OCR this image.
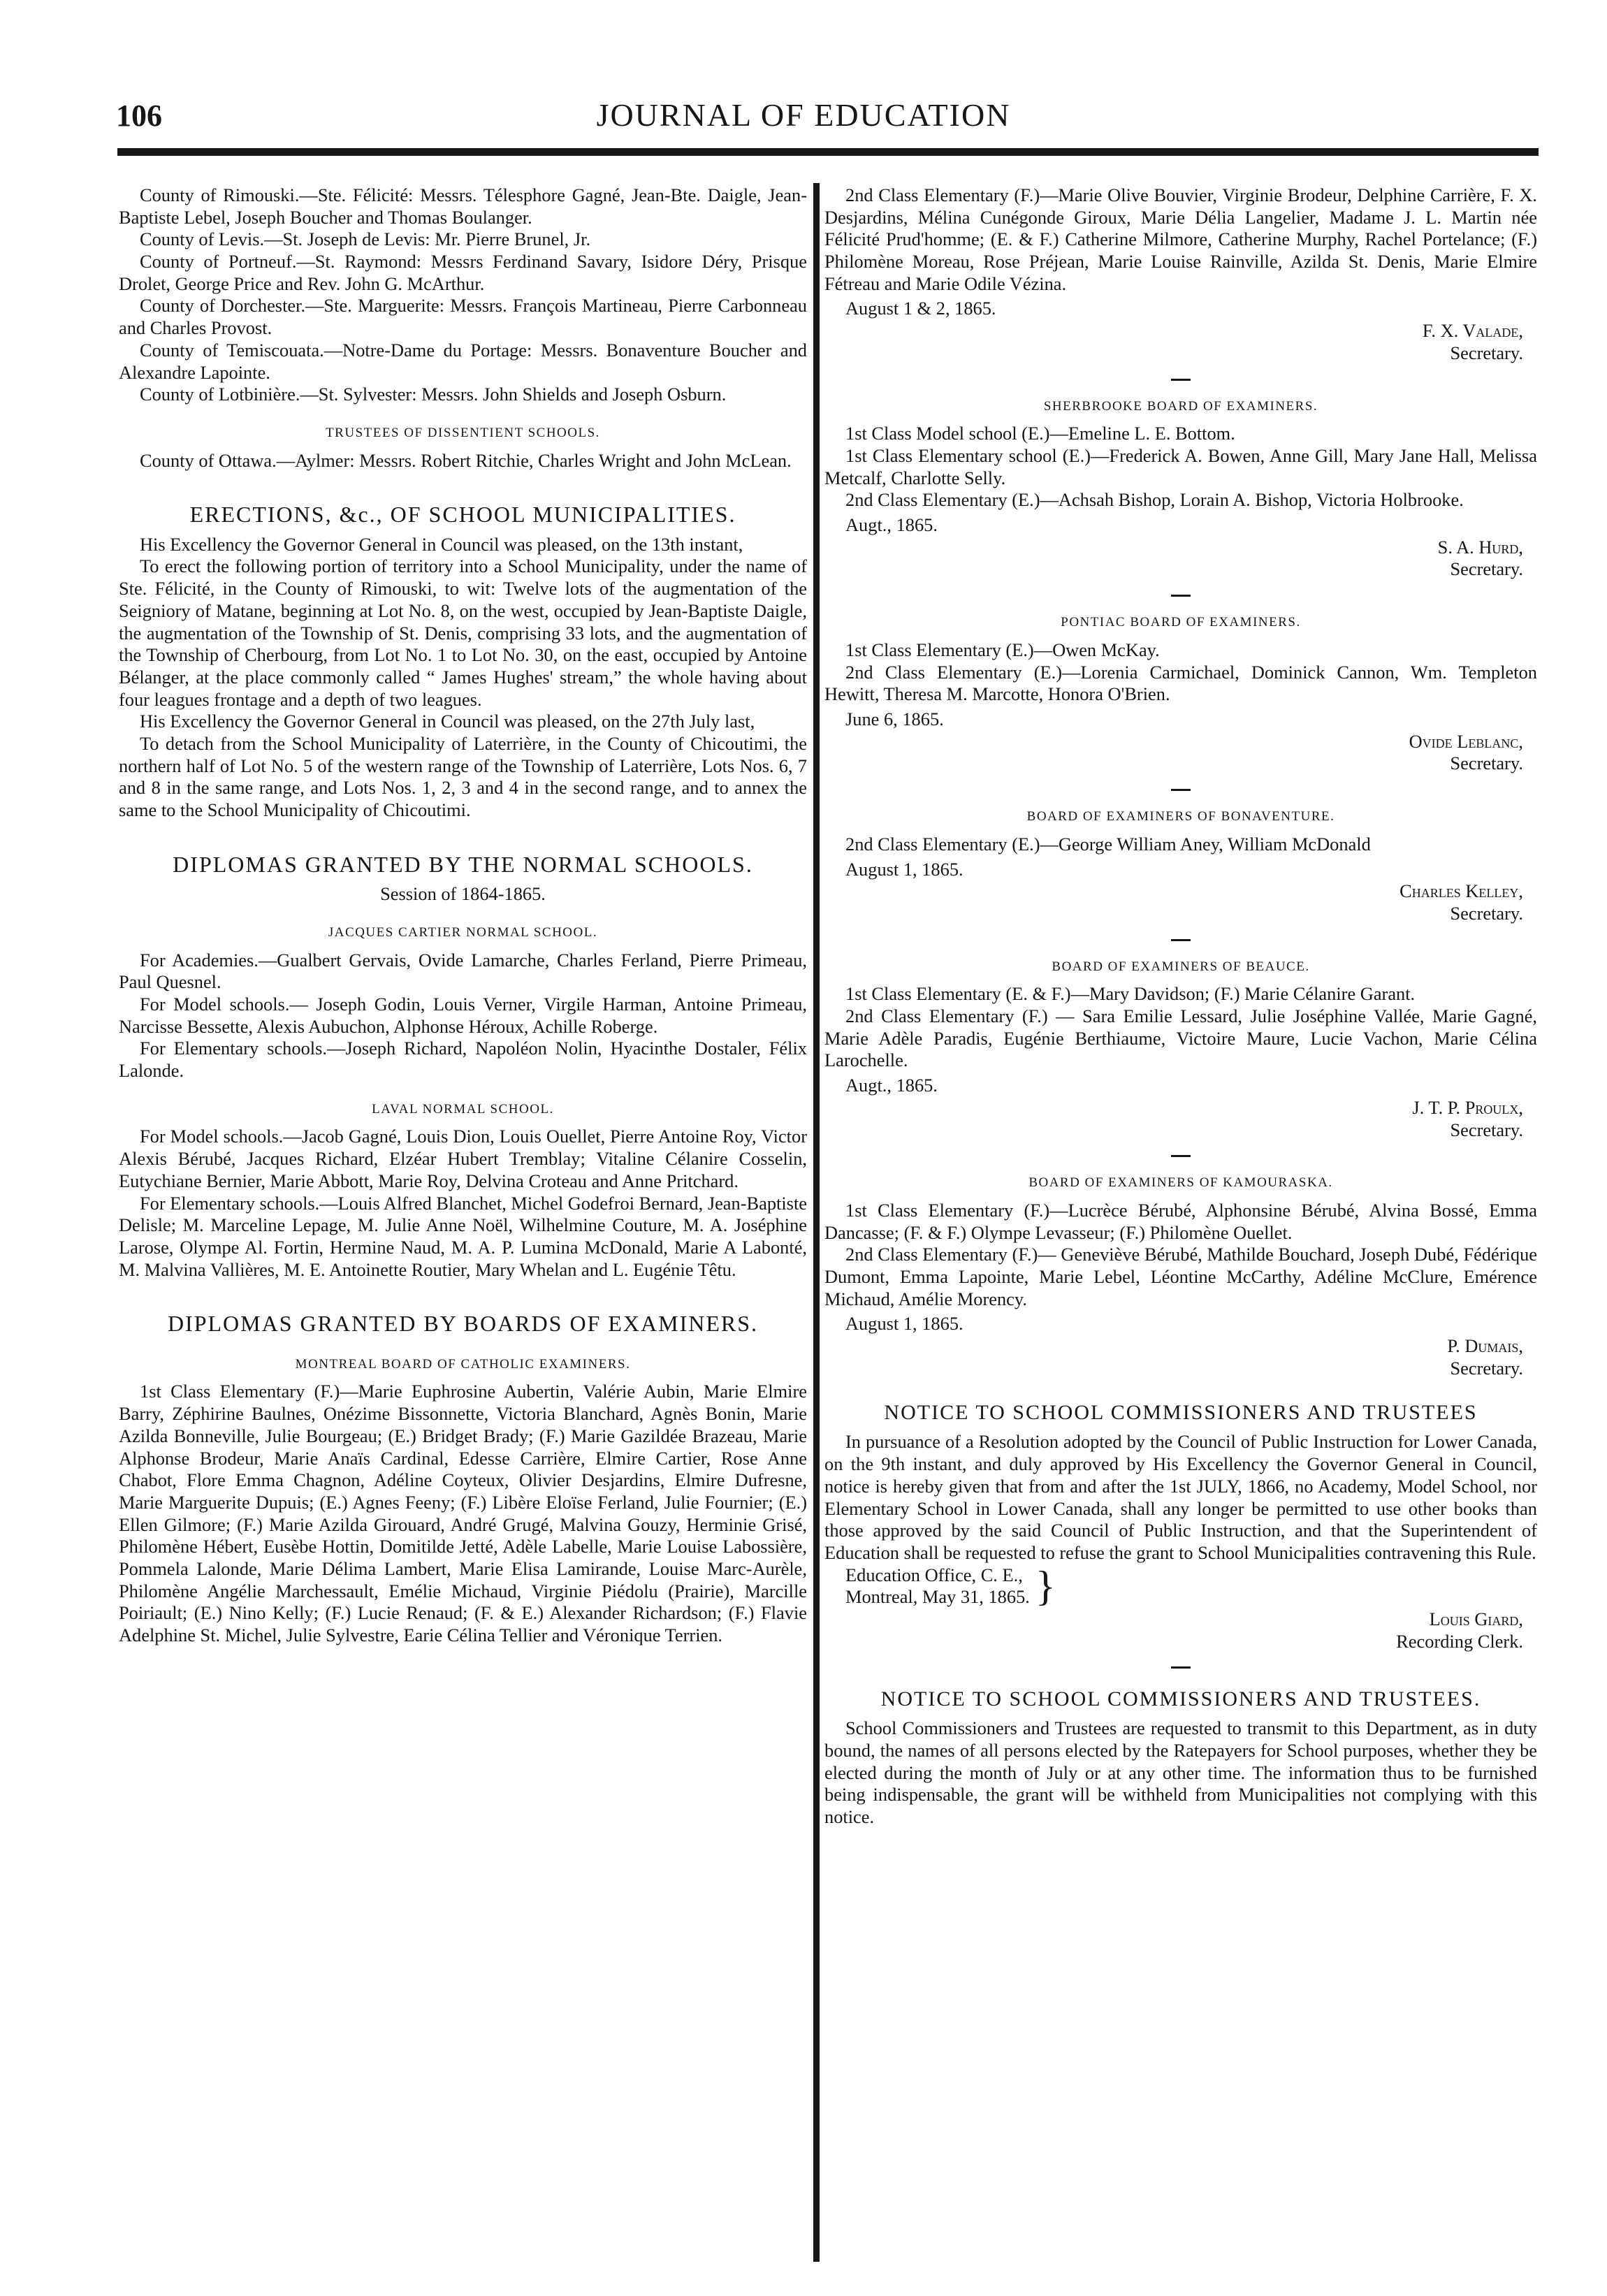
106	JOURNAL OF EDUCATION

County of Rimouski.—Ste. Félicité: Messrs. Télesphore Gagné, Jean-Bte. Daigle, Jean-Baptiste Lebel, Joseph Boucher and Thomas Boulanger.

County of Levis.—St. Joseph de Levis: Mr. Pierre Brunel, Jr.

County of Portneuf.—St. Raymond: Messrs Ferdinand Savary, Isidore Déry, Prisque Drolet, George Price and Rev. John G. McArthur.

County of Dorchester.—Ste. Marguerite: Messrs. François Martineau, Pierre Carbonneau and Charles Provost.

County of Temiscouata.—Notre-Dame du Portage: Messrs. Bonaventure Boucher and Alexandre Lapointe.

County of Lotbinière.—St. Sylvester: Messrs. John Shields and Joseph Osburn.

TRUSTEES OF DISSENTIENT SCHOOLS.

County of Ottawa.—Aylmer: Messrs. Robert Ritchie, Charles Wright and John McLean.

ERECTIONS, &c., OF SCHOOL MUNICIPALITIES.

His Excellency the Governor General in Council was pleased, on the 13th instant,

To erect the following portion of territory into a School Municipality, under the name of Ste. Félicité, in the County of Rimouski, to wit: Twelve lots of the augmentation of the Seigniory of Matane, beginning at Lot No. 8, on the west, occupied by Jean-Baptiste Daigle, the augmentation of the Township of St. Denis, comprising 33 lots, and the augmentation of the Township of Cherbourg, from Lot No. 1 to Lot No. 30, on the east, occupied by Antoine Bélanger, at the place commonly called “ James Hughes' stream,” the whole having about four leagues frontage and a depth of two leagues.

His Excellency the Governor General in Council was pleased, on the 27th July last,

To detach from the School Municipality of Laterrière, in the County of Chicoutimi, the northern half of Lot No. 5 of the western range of the Township of Laterrière, Lots Nos. 6, 7 and 8 in the same range, and Lots Nos. 1, 2, 3 and 4 in the second range, and to annex the same to the School Municipality of Chicoutimi.

DIPLOMAS GRANTED BY THE NORMAL SCHOOLS.
Session of 1864-1865.
JACQUES CARTIER NORMAL SCHOOL.

For Academies.—Gualbert Gervais, Ovide Lamarche, Charles Ferland, Pierre Primeau, Paul Quesnel.

For Model schools.— Joseph Godin, Louis Verner, Virgile Harman, Antoine Primeau, Narcisse Bessette, Alexis Aubuchon, Alphonse Héroux, Achille Roberge.

For Elementary schools.—Joseph Richard, Napoléon Nolin, Hyacinthe Dostaler, Félix Lalonde.

LAVAL NORMAL SCHOOL.

For Model schools.—Jacob Gagné, Louis Dion, Louis Ouellet, Pierre Antoine Roy, Victor Alexis Bérubé, Jacques Richard, Elzéar Hubert Tremblay; Vitaline Célanire Cosselin, Eutychiane Bernier, Marie Abbott, Marie Roy, Delvina Croteau and Anne Pritchard.

For Elementary schools.—Louis Alfred Blanchet, Michel Godefroi Bernard, Jean-Baptiste Delisle; M. Marceline Lepage, M. Julie Anne Noël, Wilhelmine Couture, M. A. Joséphine Larose, Olympe Al. Fortin, Hermine Naud, M. A. P. Lumina McDonald, Marie A Labonté, M. Malvina Vallières, M. E. Antoinette Routier, Mary Whelan and L. Eugénie Têtu.

DIPLOMAS GRANTED BY BOARDS OF EXAMINERS.
MONTREAL BOARD OF CATHOLIC EXAMINERS.

1st Class Elementary (F.)—Marie Euphrosine Aubertin, Valérie Aubin, Marie Elmire Barry, Zéphirine Baulnes, Onézime Bissonnette, Victoria Blanchard, Agnès Bonin, Marie Azilda Bonneville, Julie Bourgeau; (E.) Bridget Brady; (F.) Marie Gazildée Brazeau, Marie Alphonse Brodeur, Marie Anaïs Cardinal, Edesse Carrière, Elmire Cartier, Rose Anne Chabot, Flore Emma Chagnon, Adéline Coyteux, Olivier Desjardins, Elmire Dufresne, Marie Marguerite Dupuis; (E.) Agnes Feeny; (F.) Libère Eloïse Ferland, Julie Fournier; (E.) Ellen Gilmore; (F.) Marie Azilda Girouard, André Grugé, Malvina Gouzy, Herminie Grisé, Philomène Hébert, Eusèbe Hottin, Domitilde Jetté, Adèle Labelle, Marie Louise Labossière, Pommela Lalonde, Marie Délima Lambert, Marie Elisa Lamirande, Louise Marc-Aurèle, Philomène Angélie Marchessault, Emélie Michaud, Virginie Piédolu (Prairie), Marcille Poiriault; (E.) Nino Kelly; (F.) Lucie Renaud; (F. & E.) Alexander Richardson; (F.) Flavie Adelphine St. Michel, Julie Sylvestre, Earie Célina Tellier and Véronique Terrien.

2nd Class Elementary (F.)—Marie Olive Bouvier, Virginie Brodeur, Delphine Carrière, F. X. Desjardins, Mélina Cunégonde Giroux, Marie Délia Langelier, Madame J. L. Martin née Félicité Prud'homme; (E. & F.) Catherine Milmore, Catherine Murphy, Rachel Portelance; (F.) Philomène Moreau, Rose Préjean, Marie Louise Rainville, Azilda St. Denis, Marie Elmire Fétreau and Marie Odile Vézina.

August 1 & 2, 1865.

F. X. Valade,
Secretary.
SHERBROOKE BOARD OF EXAMINERS.

1st Class Model school (E.)—Emeline L. E. Bottom.

1st Class Elementary school (E.)—Frederick A. Bowen, Anne Gill, Mary Jane Hall, Melissa Metcalf, Charlotte Selly.

2nd Class Elementary (E.)—Achsah Bishop, Lorain A. Bishop, Victoria Holbrooke.

Augt., 1865.

S. A. Hurd,
Secretary.
PONTIAC BOARD OF EXAMINERS.

1st Class Elementary (E.)—Owen McKay.

2nd Class Elementary (E.)—Lorenia Carmichael, Dominick Cannon, Wm. Templeton Hewitt, Theresa M. Marcotte, Honora O'Brien.

June 6, 1865.

Ovide Leblanc,
Secretary.
BOARD OF EXAMINERS OF BONAVENTURE.

2nd Class Elementary (E.)—George William Aney, William McDonald

August 1, 1865.

Charles Kelley,
Secretary.
BOARD OF EXAMINERS OF BEAUCE.

1st Class Elementary (E. & F.)—Mary Davidson; (F.) Marie Célanire Garant.

2nd Class Elementary (F.) — Sara Emilie Lessard, Julie Joséphine Vallée, Marie Gagné, Marie Adèle Paradis, Eugénie Berthiaume, Victoire Maure, Lucie Vachon, Marie Célina Larochelle.

Augt., 1865.

J. T. P. Proulx,
Secretary.
BOARD OF EXAMINERS OF KAMOURASKA.

1st Class Elementary (F.)—Lucrèce Bérubé, Alphonsine Bérubé, Alvina Bossé, Emma Dancasse; (F. & F.) Olympe Levasseur; (F.) Philomène Ouellet.

2nd Class Elementary (F.)— Geneviève Bérubé, Mathilde Bouchard, Joseph Dubé, Fédérique Dumont, Emma Lapointe, Marie Lebel, Léontine McCarthy, Adéline McClure, Emérence Michaud, Amélie Morency.

August 1, 1865.

P. Dumais,
Secretary.
NOTICE TO SCHOOL COMMISSIONERS AND TRUSTEES

In pursuance of a Resolution adopted by the Council of Public Instruction for Lower Canada, on the 9th instant, and duly approved by His Excellency the Governor General in Council, notice is hereby given that from and after the 1st JULY, 1866, no Academy, Model School, nor Elementary School in Lower Canada, shall any longer be permitted to use other books than those approved by the said Council of Public Instruction, and that the Superintendent of Education shall be requested to refuse the grant to School Municipalities contravening this Rule.

Education Office, C. E.,
Montreal, May 31, 1865. }
Louis Giard,
Recording Clerk.
NOTICE TO SCHOOL COMMISSIONERS AND TRUSTEES.

School Commissioners and Trustees are requested to transmit to this Department, as in duty bound, the names of all persons elected by the Ratepayers for School purposes, whether they be elected during the month of July or at any other time. The information thus to be furnished being indispensable, the grant will be withheld from Municipalities not complying with this notice.
